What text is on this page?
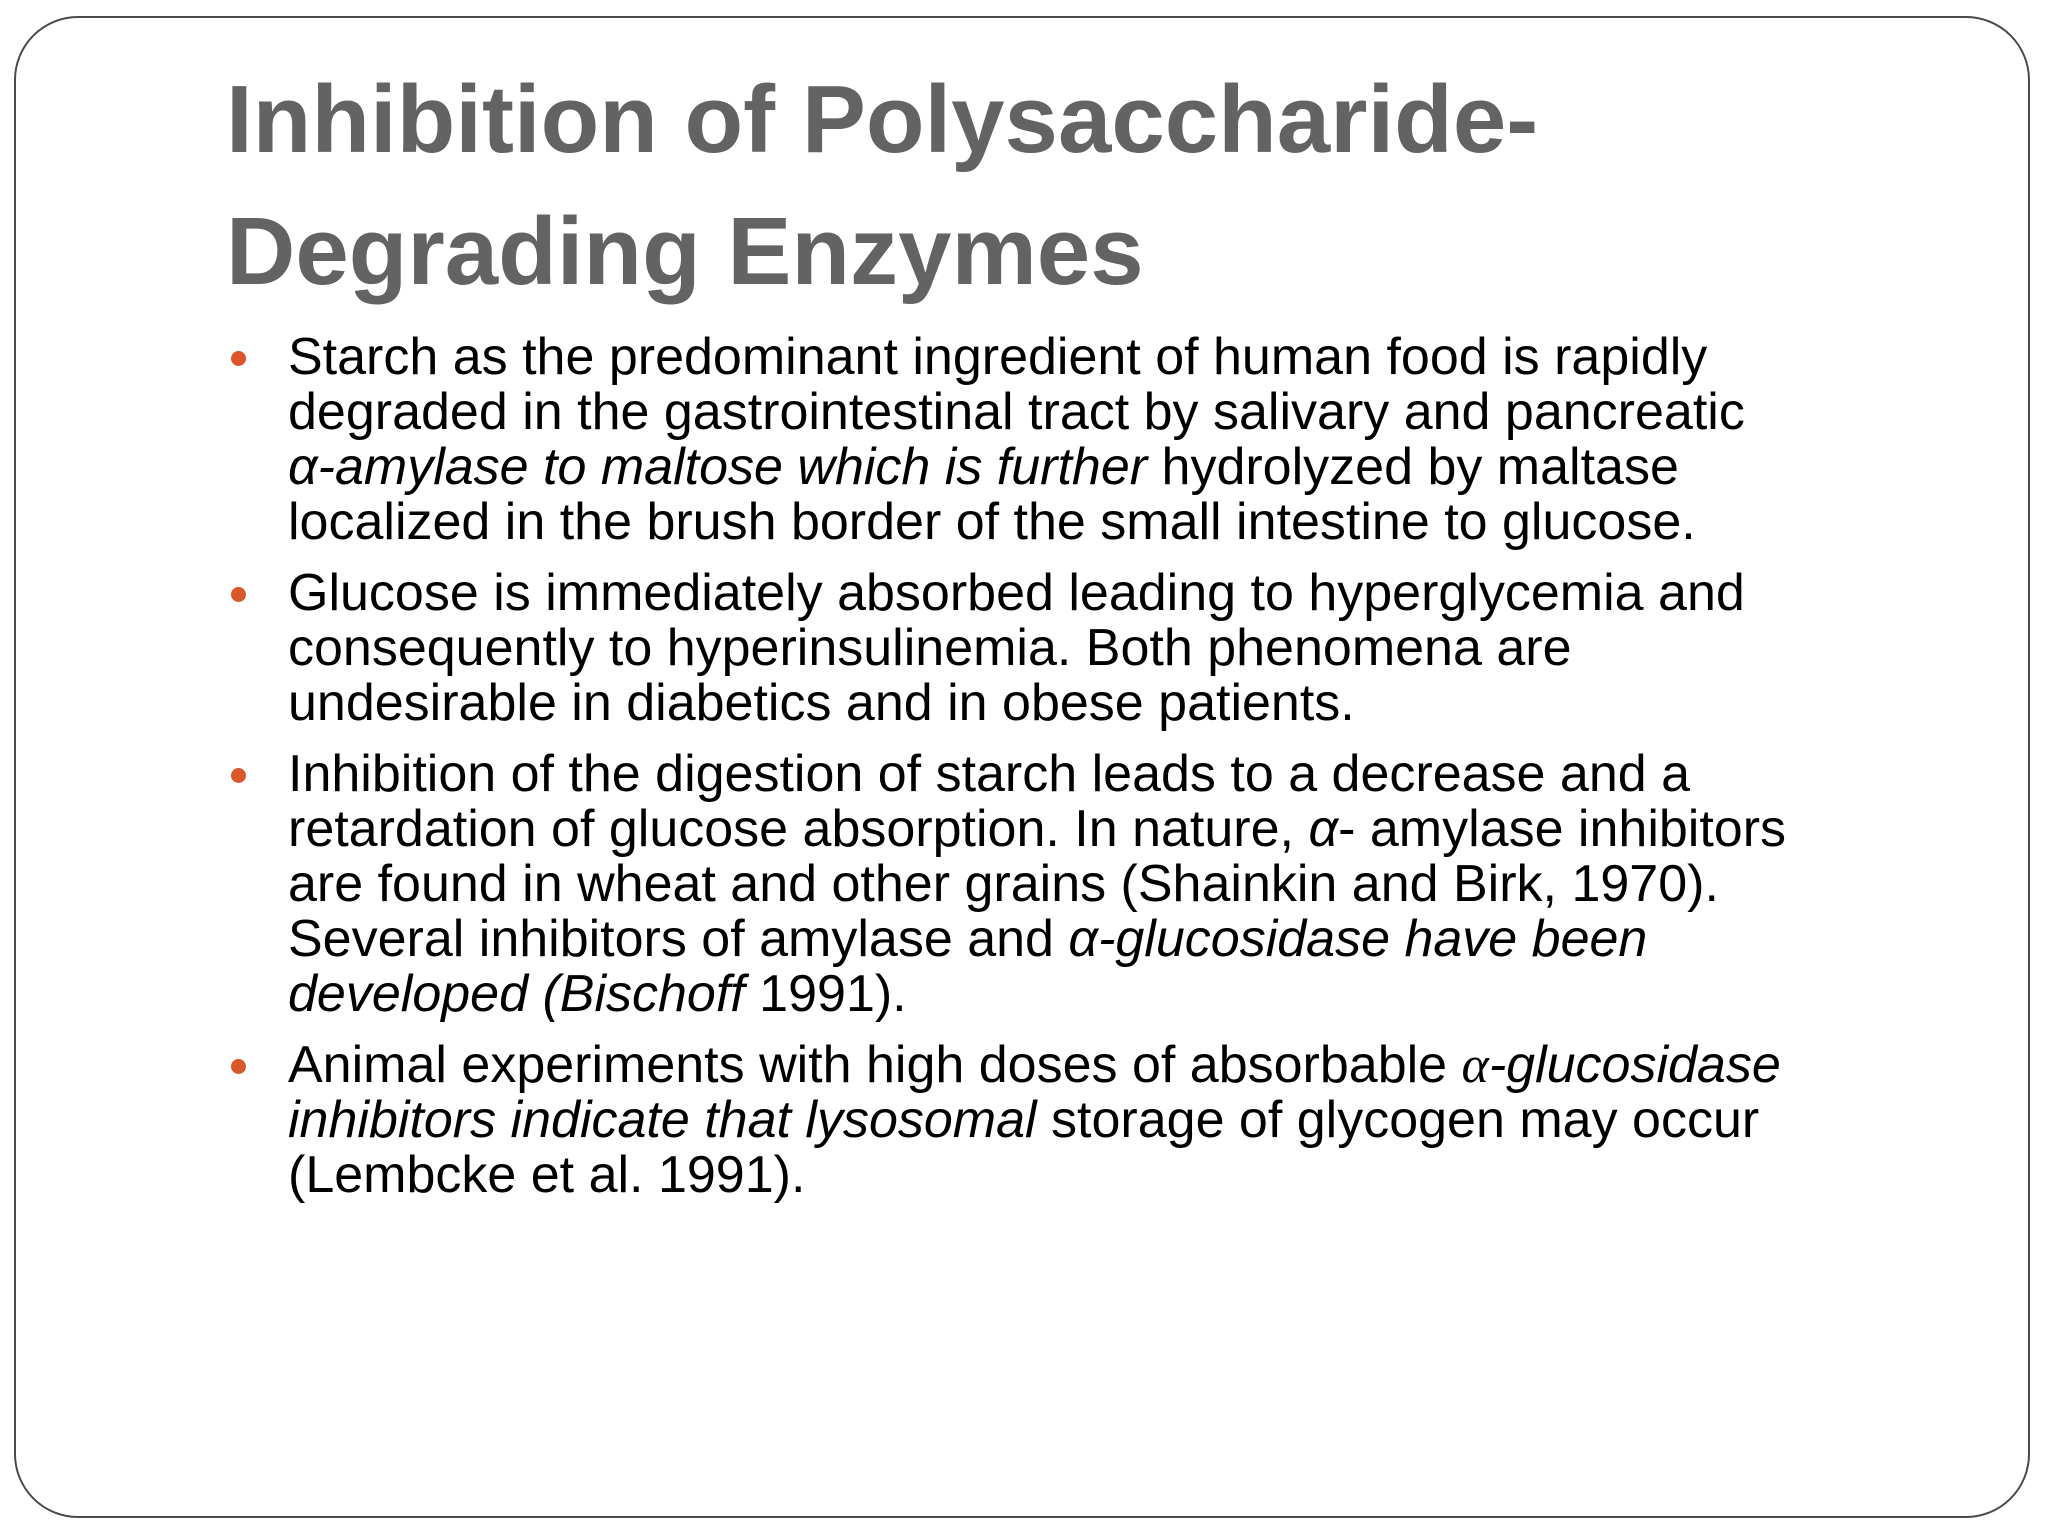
Inhibition of Polysaccharide-
Degrading Enzymes
Starch as the predominant ingredient of human food is rapidly
degraded in the gastrointestinal tract by salivary and pancreatic
α-amylase to maltose which is further hydrolyzed by maltase
localized in the brush border of the small intestine to glucose.
Glucose is immediately absorbed leading to hyperglycemia and
consequently to hyperinsulinemia. Both phenomena are
undesirable in diabetics and in obese patients.
Inhibition of the digestion of starch leads to a decrease and a
retardation of glucose absorption. In nature, α- amylase inhibitors
are found in wheat and other grains (Shainkin and Birk, 1970).
Several inhibitors of amylase and α-glucosidase have been
developed (Bischoff 1991).
Animal experiments with high doses of absorbable α-glucosidase
inhibitors indicate that lysosomal storage of glycogen may occur
(Lembcke et al. 1991).
